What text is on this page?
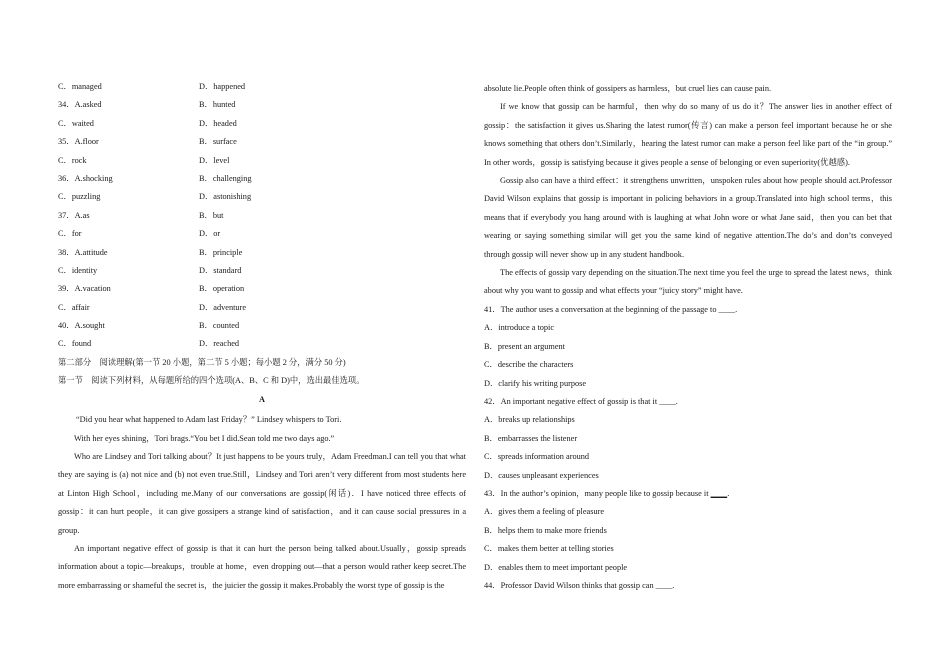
C．managed	D．happened
34．A.asked	B．hunted
C．waited	D．headed
35．A.floor	B．surface
C．rock	D．level
36．A.shocking	B．challenging
C．puzzling	D．astonishing
37．A.as	B．but
C．for	D．or
38．A.attitude	B．principle
C．identity	D．standard
39．A.vacation	B．operation
C．affair	D．adventure
40．A.sought	B．counted
C．found	D．reached
第二部分　阅读理解(第一节 20 小题，第二节 5 小题；每小题 2 分，满分 50 分)
第一节　阅读下列材料，从每题所给的四个选项(A、B、C 和 D)中，选出最佳选项。
A

“Did you hear what happened to Adam last Friday？” Lindsey whispers to Tori.

With her eyes shining，Tori brags.“You bet I did.Sean told me two days ago.”

Who are Lindsey and Tori talking about？It just happens to be yours truly，Adam Freedman.I can tell you that what they are saying is (a) not nice and (b) not even true.Still，Lindsey and Tori aren’t very different from most students here at Linton High School，including me.Many of our conversations are gossip(闲话)．I have noticed three effects of gossip：it can hurt people，it can give gossipers a strange kind of satisfaction，and it can cause social pressures in a group.

An important negative effect of gossip is that it can hurt the person being talked about.Usually，gossip spreads information about a topic—breakups，trouble at home，even dropping out—that a person would rather keep secret.The more embarrassing or shameful the secret is，the juicier the gossip it makes.Probably the worst type of gossip is the

absolute lie.People often think of gossipers as harmless，but cruel lies can cause pain.

If we know that gossip can be harmful，then why do so many of us do it？The answer lies in another effect of gossip：the satisfaction it gives us.Sharing the latest rumor(传言) can make a person feel important because he or she knows something that others don’t.Similarly，hearing the latest rumor can make a person feel like part of the “in group.” In other words，gossip is satisfying because it gives people a sense of belonging or even superiority(优越感).

Gossip also can have a third effect：it strengthens unwritten，unspoken rules about how people should act.Professor David Wilson explains that gossip is important in policing behaviors in a group.Translated into high school terms，this means that if everybody you hang around with is laughing at what John wore or what Jane said，then you can bet that wearing or saying something similar will get you the same kind of negative attention.The do’s and don’ts conveyed through gossip will never show up in any student handbook.

The effects of gossip vary depending on the situation.The next time you feel the urge to spread the latest news，think about why you want to gossip and what effects your “juicy story” might have.

41．The author uses a conversation at the beginning of the passage to ____.
A．introduce a topic
B．present an argument
C．describe the characters
D．clarify his writing purpose
42．An important negative effect of gossip is that it ____.
A．breaks up relationships
B．embarrasses the listener
C．spreads information around
D．causes unpleasant experiences
43．In the author’s opinion，many people like to gossip because it ____.
A．gives them a feeling of pleasure
B．helps them to make more friends
C．makes them better at telling stories
D．enables them to meet important people
44．Professor David Wilson thinks that gossip can ____.
